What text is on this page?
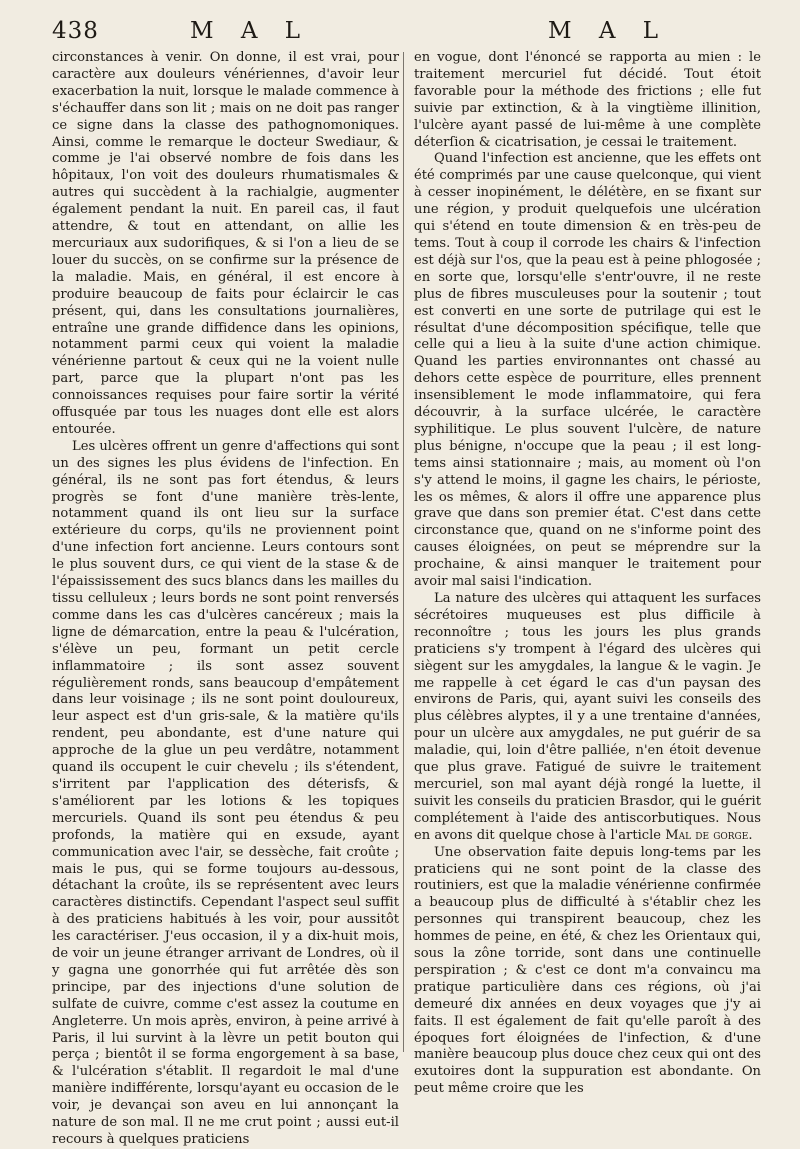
438	M A L	M A L

circonstances à venir. On donne, il est vrai, pour caractère aux douleurs vénériennes, d'avoir leur exacerbation la nuit, lorsque le malade commence à s'échauffer dans son lit ; mais on ne doit pas ranger ce signe dans la classe des pathognomoniques. Ainsi, comme le remarque le docteur Swediaur, & comme je l'ai observé nombre de fois dans les hôpitaux, l'on voit des douleurs rhumatismales & autres qui succèdent à la rachialgie, augmenter également pendant la nuit. En pareil cas, il faut attendre, & tout en attendant, on allie les mercuriaux aux sudorifiques, & si l'on a lieu de se louer du succès, on se confirme sur la présence de la maladie. Mais, en général, il est encore à produire beaucoup de faits pour éclaircir le cas présent, qui, dans les consultations journalières, entraîne une grande diffidence dans les opinions, notamment parmi ceux qui voient la maladie vénérienne partout & ceux qui ne la voient nulle part, parce que la plupart n'ont pas les connoissances requises pour faire sortir la vérité offusquée par tous les nuages dont elle est alors entourée.

Les ulcères offrent un genre d'affections qui sont un des signes les plus évidens de l'infection. En général, ils ne sont pas fort étendus, & leurs progrès se font d'une manière très-lente, notamment quand ils ont lieu sur la surface extérieure du corps, qu'ils ne proviennent point d'une infection fort ancienne. Leurs contours sont le plus souvent durs, ce qui vient de la stase & de l'épaississement des sucs blancs dans les mailles du tissu celluleux ; leurs bords ne sont point renversés comme dans les cas d'ulcères cancéreux ; mais la ligne de démarcation, entre la peau & l'ulcération, s'élève un peu, formant un petit cercle inflammatoire ; ils sont assez souvent régulièrement ronds, sans beaucoup d'empâtement dans leur voisinage ; ils ne sont point douloureux, leur aspect est d'un gris-sale, & la matière qu'ils rendent, peu abondante, est d'une nature qui approche de la glue un peu verdâtre, notamment quand ils occupent le cuir chevelu ; ils s'étendent, s'irritent par l'application des déterisfs, & s'améliorent par les lotions & les topiques mercuriels. Quand ils sont peu étendus & peu profonds, la matière qui en exsude, ayant communication avec l'air, se dessèche, fait croûte ; mais le pus, qui se forme toujours au-dessous, détachant la croûte, ils se représentent avec leurs caractères distinctifs. Cependant l'aspect seul suffit à des praticiens habitués à les voir, pour aussitôt les caractériser. J'eus occasion, il y a dix-huit mois, de voir un jeune étranger arrivant de Londres, où il y gagna une gonorrhée qui fut arrêtée dès son principe, par des injections d'une solution de sulfate de cuivre, comme c'est assez la coutume en Angleterre. Un mois après, environ, à peine arrivé à Paris, il lui survint à la lèvre un petit bouton qui perça ; bientôt il se forma engorgement à sa base, & l'ulcération s'établit. Il regardoit le mal d'une manière indifférente, lorsqu'ayant eu occasion de le voir, je devançai son aveu en lui annonçant la nature de son mal. Il ne me crut point ; aussi eut-il recours à quelques praticiens

en vogue, dont l'énoncé se rapporta au mien : le traitement mercuriel fut décidé. Tout étoit favorable pour la méthode des frictions ; elle fut suivie par extinction, & à la vingtième illinition, l'ulcère ayant passé de lui-même à une complète déterſion & cicatrisation, je cessai le traitement.

Quand l'infection est ancienne, que les effets ont été comprimés par une cause quelconque, qui vient à cesser inopinément, le délétère, en se fixant sur une région, y produit quelquefois une ulcération qui s'étend en toute dimension & en très-peu de tems. Tout à coup il corrode les chairs & l'infection est déjà sur l'os, que la peau est à peine phlogosée ; en sorte que, lorsqu'elle s'entr'ouvre, il ne reste plus de fibres musculeuses pour la soutenir ; tout est converti en une sorte de putrilage qui est le résultat d'une décomposition spécifique, telle que celle qui a lieu à la suite d'une action chimique. Quand les parties environnantes ont chassé au dehors cette espèce de pourriture, elles prennent insensiblement le mode inflammatoire, qui fera découvrir, à la surface ulcérée, le caractère syphilitique. Le plus souvent l'ulcère, de nature plus bénigne, n'occupe que la peau ; il est long-tems ainsi stationnaire ; mais, au moment où l'on s'y attend le moins, il gagne les chairs, le périoste, les os mêmes, & alors il offre une apparence plus grave que dans son premier état. C'est dans cette circonstance que, quand on ne s'informe point des causes éloignées, on peut se méprendre sur la prochaine, & ainsi manquer le traitement pour avoir mal saisi l'indication.

La nature des ulcères qui attaquent les surfaces sécrétoires muqueuses est plus difficile à reconnoître ; tous les jours les plus grands praticiens s'y trompent à l'égard des ulcères qui siègent sur les amygdales, la langue & le vagin. Je me rappelle à cet égard le cas d'un paysan des environs de Paris, qui, ayant suivi les conseils des plus célèbres alyptes, il y a une trentaine d'années, pour un ulcère aux amygdales, ne put guérir de sa maladie, qui, loin d'être palliée, n'en étoit devenue que plus grave. Fatigué de suivre le traitement mercuriel, son mal ayant déjà rongé la luette, il suivit les conseils du praticien Brasdor, qui le guérit complétement à l'aide des antiscorbutiques. Nous en avons dit quelque chose à l'article Mal de gorge.

Une observation faite depuis long-tems par les praticiens qui ne sont point de la classe des routiniers, est que la maladie vénérienne confirmée a beaucoup plus de difficulté à s'établir chez les personnes qui transpirent beaucoup, chez les hommes de peine, en été, & chez les Orientaux qui, sous la zône torride, sont dans une continuelle perspiration ; & c'est ce dont m'a convaincu ma pratique particulière dans ces régions, où j'ai demeuré dix années en deux voyages que j'y ai faits. Il est également de fait qu'elle paroît à des époques fort éloignées de l'infection, & d'une manière beaucoup plus douce chez ceux qui ont des exutoires dont la suppuration est abondante. On peut même croire que les
